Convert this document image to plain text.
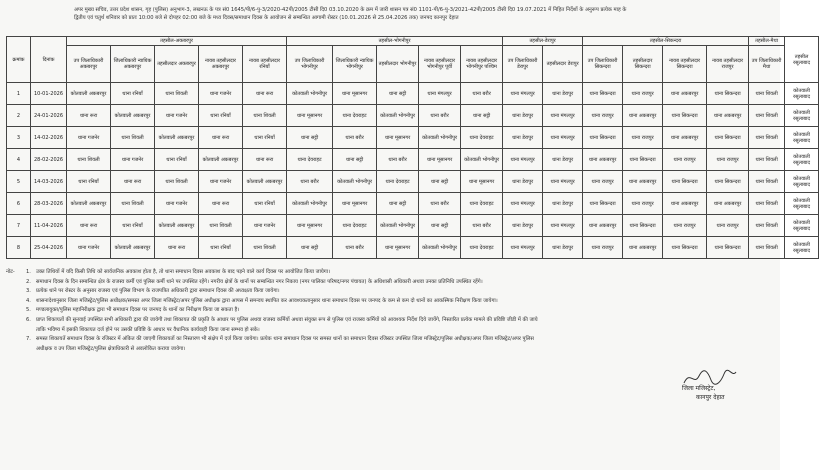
अपर मुख्य सचिव, उत्तर प्रदेश शासन, गृह (पुलिस) अनुभाग-3, लखनऊ के पत्र सं0 1645/पी/6-पु-3/2020-42पी/2005 टीसी दि0 03.10.2020 के क्रम में जारी शासन पत्र सं0 1101-पी/6-पु-3/2021-42पी/2005 टीसी दि0 19.07.2021 में निहित निर्देशों के अनुरूप प्रत्येक माह के
द्वितीय एवं चतुर्थ शनिवार को प्रातः 10:00 बजे से दोपहर 02:00 बजे के मध्य दिवस/समाधान दिवस के आयोजन से सम्बन्धित आगामी रोस्टर (10.01.2026 से 25.04.2026 तक) जनपद कानपुर देहात
क्रमांक	दिनांक	तहसील-अकबरपुर					तहसील-भोगनीपुर					तहसील-डेरापुर		तहसील-सिकन्दरा				तहसील-मैथा	तहसील रसूलाबाद
		उप जिलाधिकारी अकबरपुर	जिलाधिकारी न्यायिक अकबरपुर	तहसीलदार अकबरपुर	नायब तहसीलदार अकबरपुर	नायब तहसीलदार रनियाँ	उप जिलाधिकारी भोगनीपुर	जिलाधिकारी न्यायिक भोगनीपुर	तहसीलदार भोगनीपुर	नायब तहसीलदार भोगनीपुर पूर्वी	नायब तहसीलदार भोगनीपुर पश्चिम	उप जिलाधिकारी डेरापुर	तहसीलदार डेरापुर	उप जिलाधिकारी सिकन्दरा	तहसीलदार सिकन्दरा	नायब तहसीलदार सिकन्दरा	नायब तहसीलदार राजपुर	उप जिलाधिकारी मैथा	
1	10-01-2026	कोतवाली अकबरपुर	थाना रनियाँ	थाना शिवली	थाना गजनेर	थाना रूरा	कोतवाली भोगनीपुर	थाना मूसानगर	थाना सट्टी	थाना मंगलपुर	थाना बरौर	थाना मंगलपुर	थाना डेरापुर	थाना सिकन्दरा	थाना राजपुर	थाना अकबरपुर	थाना सिकन्दरा	थाना शिवली	कोतवाली रसूलाबाद
2	24-01-2026	थाना रूरा	कोतवाली अकबरपुर	थाना गजनेर	थाना रनियाँ	थाना शिवली	थाना मूसानगर	थाना देवराहट	कोतवाली भोगनीपुर	थाना बरौर	थाना सट्टी	थाना डेरापुर	थाना मंगलपुर	थाना राजपुर	थाना अकबरपुर	थाना सिकन्दरा	थाना अकबरपुर	थाना शिवली	कोतवाली रसूलाबाद
3	14-02-2026	थाना गजनेर	थाना शिवली	कोतवाली अकबरपुर	थाना रूरा	थाना रनियाँ	थाना सट्टी	थाना बरौर	थाना मूसानगर	कोतवाली भोगनीपुर	थाना देवराहट	थाना डेरापुर	थाना मंगलपुर	थाना सिकन्दरा	थाना राजपुर	थाना अकबरपुर	थाना सिकन्दरा	थाना शिवली	कोतवाली रसूलाबाद
4	28-02-2026	थाना शिवली	थाना गजनेर	थाना रनियाँ	कोतवाली अकबरपुर	थाना रूरा	थाना देवराहट	थाना सट्टी	थाना बरौर	थाना मूसानगर	कोतवाली भोगनीपुर	थाना मंगलपुर	थाना डेरापुर	थाना अकबरपुर	थाना सिकन्दरा	थाना राजपुर	थाना राजपुर	थाना शिवली	कोतवाली रसूलाबाद
5	14-03-2026	थाना रनियाँ	थाना रूरा	थाना शिवली	थाना गजनेर	कोतवाली अकबरपुर	थाना बरौर	कोतवाली भोगनीपुर	थाना देवराहट	थाना सट्टी	थाना मूसानगर	थाना डेरापुर	थाना मंगलपुर	थाना राजपुर	थाना अकबरपुर	थाना सिकन्दरा	थाना सिकन्दरा	थाना शिवली	कोतवाली रसूलाबाद
6	28-03-2026	कोतवाली अकबरपुर	थाना शिवली	थाना गजनेर	थाना रूरा	थाना रनियाँ	कोतवाली भोगनीपुर	थाना मूसानगर	थाना सट्टी	थाना बरौर	थाना देवराहट	थाना मंगलपुर	थाना डेरापुर	थाना सिकन्दरा	थाना राजपुर	थाना अकबरपुर	थाना अकबरपुर	थाना शिवली	कोतवाली रसूलाबाद
7	11-04-2026	थाना रूरा	थाना रनियाँ	कोतवाली अकबरपुर	थाना शिवली	थाना गजनेर	थाना मूसानगर	थाना देवराहट	कोतवाली भोगनीपुर	थाना सट्टी	थाना बरौर	थाना डेरापुर	थाना मंगलपुर	थाना अकबरपुर	थाना सिकन्दरा	थाना राजपुर	थाना राजपुर	थाना शिवली	कोतवाली रसूलाबाद
8	25-04-2026	थाना गजनेर	कोतवाली अकबरपुर	थाना रूरा	थाना रनियाँ	थाना शिवली	थाना सट्टी	थाना बरौर	थाना मूसानगर	कोतवाली भोगनीपुर	थाना देवराहट	थाना मंगलपुर	थाना डेरापुर	थाना राजपुर	थाना अकबरपुर	थाना सिकन्दरा	थाना सिकन्दरा	थाना शिवली	कोतवाली रसूलाबाद
नोट- 1. उक्त तिथियों में यदि किसी तिथि को सार्वजनिक अवकाश होता है, तो थाना समाधान दिवस अवकाश के बाद पड़ने वाले कार्य दिवस पर आयोजित किया जायेगा।
2. समाधान दिवस के दिन सम्बन्धित क्षेत्र के राजस्व कर्मी एवं पुलिस कर्मी थाने पर उपस्थित रहेंगे। नगरीय क्षेत्रों के थानों पर सम्बन्धित नगर निकाय (नगर पालिका परिषद/नगर पंचायत) के अधिशासी अधिकारी अथवा उनका प्रतिनिधि उपस्थित रहेंगे।
3. प्रत्येक थाने पर रोस्टर के अनुसार राजस्व एवं पुलिस विभाग के राजपत्रित अधिकारी द्वारा समाधान दिवस की अध्यक्षता किया जायेगा।
4. शासनादेशानुसार जिला मजिस्ट्रेट/पुलिस अधीक्षक/समस्त अपर जिला मजिस्ट्रेट/अपर पुलिस अधीक्षक द्वारा आपस में समन्वय स्थापित कर आवश्यकतानुसार थाना समाधान दिवस पर जनपद के कम से कम दो थानों का आकस्मिक निरीक्षण किया जायेगा।
5. मण्डलायुक्त/पुलिस महानिरीक्षक द्वारा भी समाधान दिवस पर जनपद के थानों का निरीक्षण किया जा सकता है।
6. प्राप्त शिकायतों की सुनवाई उपस्थित सभी अधिकारी द्वारा की जायेगी तथा शिकायत की प्रकृति के आधार पर पुलिस अथवा राजस्व कर्मियों अथवा संयुक्त रूप से पुलिस एवं राजस्व कर्मियों को आवश्यक निर्देश दिये जायेंगे, निस्तारित प्रत्येक मामले की प्रविष्टि जीडी में की जाये
ताकि भविष्य में इसकी शिकायत दर्ज होने पर उसकी प्रविष्टि के आधार पर वैधानिक कार्यवाही किया जाना सम्भव हो सके।
7. समस्त शिकायतें समाधान दिवस के रजिस्टर में अंकित की जाएगी शिकायतों का निस्तारण भी संक्षेप में दर्ज किया जायेगा। प्रत्येक थाना समाधान दिवस पर समस्त थानों का समाधान दिवस रजिस्टर उपस्थित जिला मजिस्ट्रेट/पुलिस अधीक्षक/अपर जिला मजिस्ट्रेट/अपर पुलिस
अधीक्षक व उप जिला मजिस्ट्रेट/पुलिस क्षेत्राधिकारी से अवलोकित कराया जायेगा।
जिला मजिस्ट्रेट,
कानपुर देहात
